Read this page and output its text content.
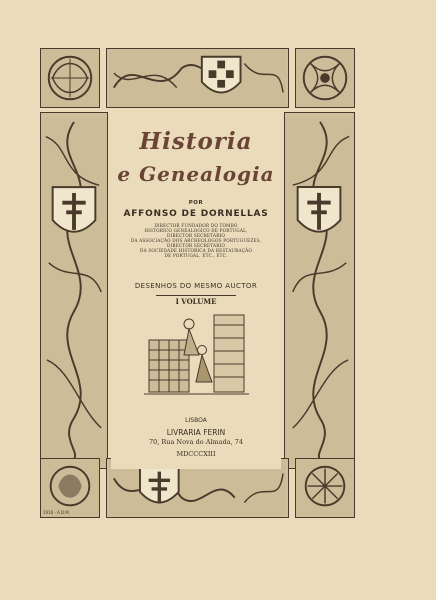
Historia
e Genealogia
POR
AFFONSO DE DORNELLAS
DIRECTOR FUNDADOR DO TOMBO
HISTORICO GENEALOGICO DE PORTUGAL,
DIRECTOR SECRETARIO
DA ASSOCIAÇÃO DOS ARCHEOLOGOS PORTUGUEZES,
DIRECTOR SECRETARIO
DA SOCIEDADE HISTORICA DA RESTAURAÇÃO
DE PORTUGAL, ETC., ETC.
DESENHOS DO MESMO AUCTOR
I VOLUME
LISBOA
LIVRARIA FERIN
70, Rua Nova do Almada, 74
MDCCCXIII
1916 · A.D.M.
